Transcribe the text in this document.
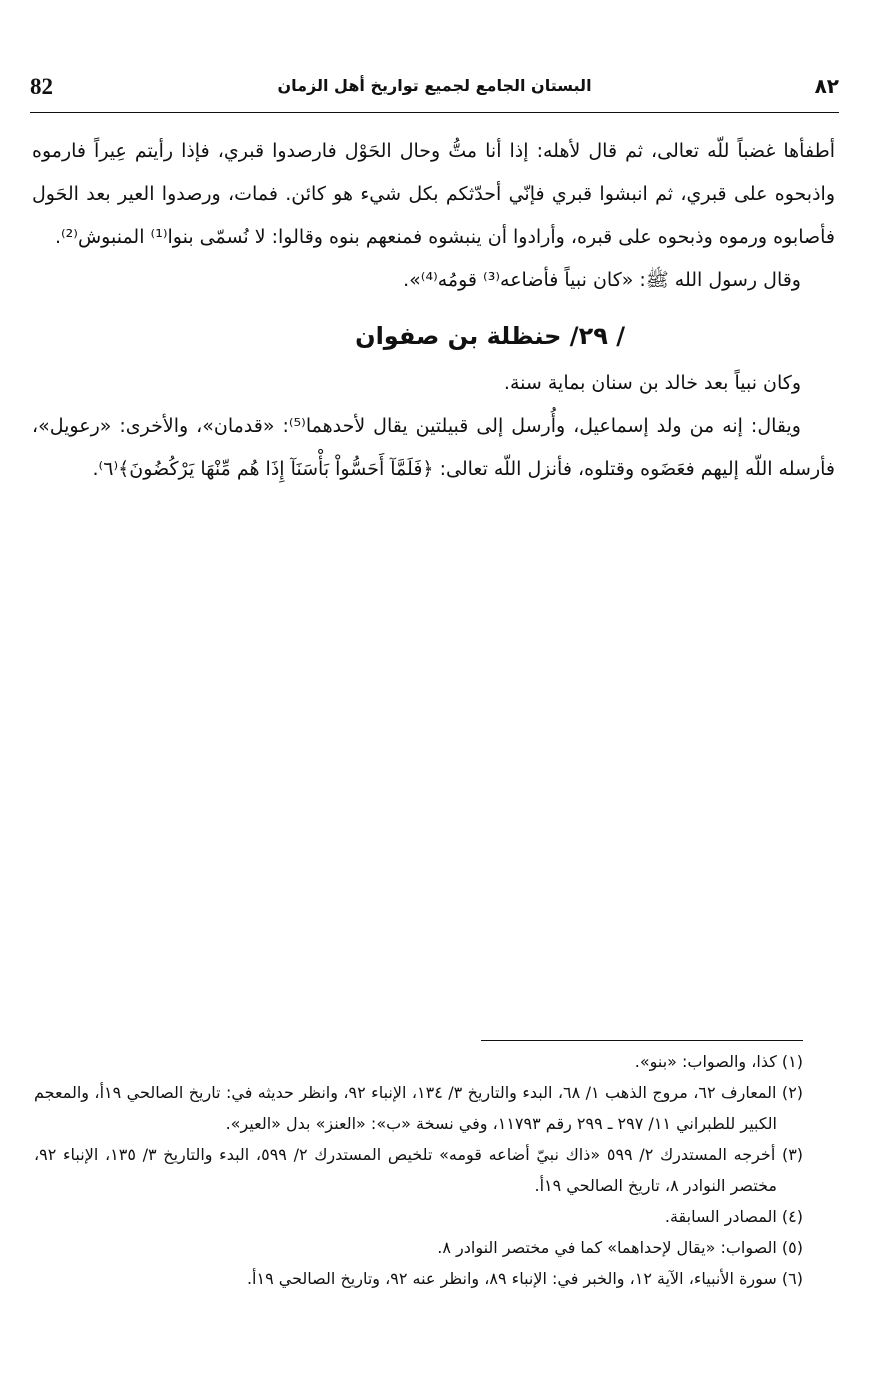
٨٢
البستان الجامع لجميع تواريخ أهل الزمان
82

أطفأها غضباً للّه تعالى، ثم قال لأهله: إذا أنا متُّ وحال الحَوْل فارصدوا قبري، فإذا رأيتم عِيراً فارموه واذبحوه على قبري، ثم انبشوا قبري فإنّي أحدّثكم بكل شيء هو كائن. فمات، ورصدوا العير بعد الحَول فأصابوه ورموه وذبحوه على قبره، وأرادوا أن ينبشوه فمنعهم بنوه وقالوا: لا نُسمّى بنوا⁽¹⁾ المنبوش⁽²⁾.

وقال رسول الله ﷺ: «كان نبياً فأضاعه⁽³⁾ قومُه⁽⁴⁾».

/ ٢٩/ حنظلة بن صفوان

وكان نبياً بعد خالد بن سنان بماية سنة.

ويقال: إنه من ولد إسماعيل، وأُرسل إلى قبيلتين يقال لأحدهما⁽⁵⁾: «قدمان»، والأخرى: «رعويل»، فأرسله اللّه إليهم فعَضَوه وقتلوه، فأنزل اللّه تعالى: ﴿فَلَمَّآ أَحَسُّواْ بَأْسَنَآ إِذَا هُم مِّنْهَا يَرْكُضُونَ﴾⁽٦⁾.

(١) كذا، والصواب: «بنو».

(٢) المعارف ٦٢، مروج الذهب ١/ ٦٨، البدء والتاريخ ٣/ ١٣٤، الإنباء ٩٢، وانظر حديثه في: تاريخ الصالحي ١٩أ، والمعجم الكبير للطبراني ١١/ ٢٩٧ ـ ٢٩٩ رقم ١١٧٩٣، وفي نسخة «ب»: «العنز» بدل «العير».

(٣) أخرجه المستدرك ٢/ ٥٩٩ «ذاك نبيّ أضاعه قومه» تلخيص المستدرك ٢/ ٥٩٩، البدء والتاريخ ٣/ ١٣٥، الإنباء ٩٢، مختصر النوادر ٨، تاريخ الصالحي ١٩أ.

(٤) المصادر السابقة.

(٥) الصواب: «يقال لإحداهما» كما في مختصر النوادر ٨.

(٦) سورة الأنبياء، الآية ١٢، والخبر في: الإنباء ٨٩، وانظر عنه ٩٢، وتاريخ الصالحي ١٩أ.
